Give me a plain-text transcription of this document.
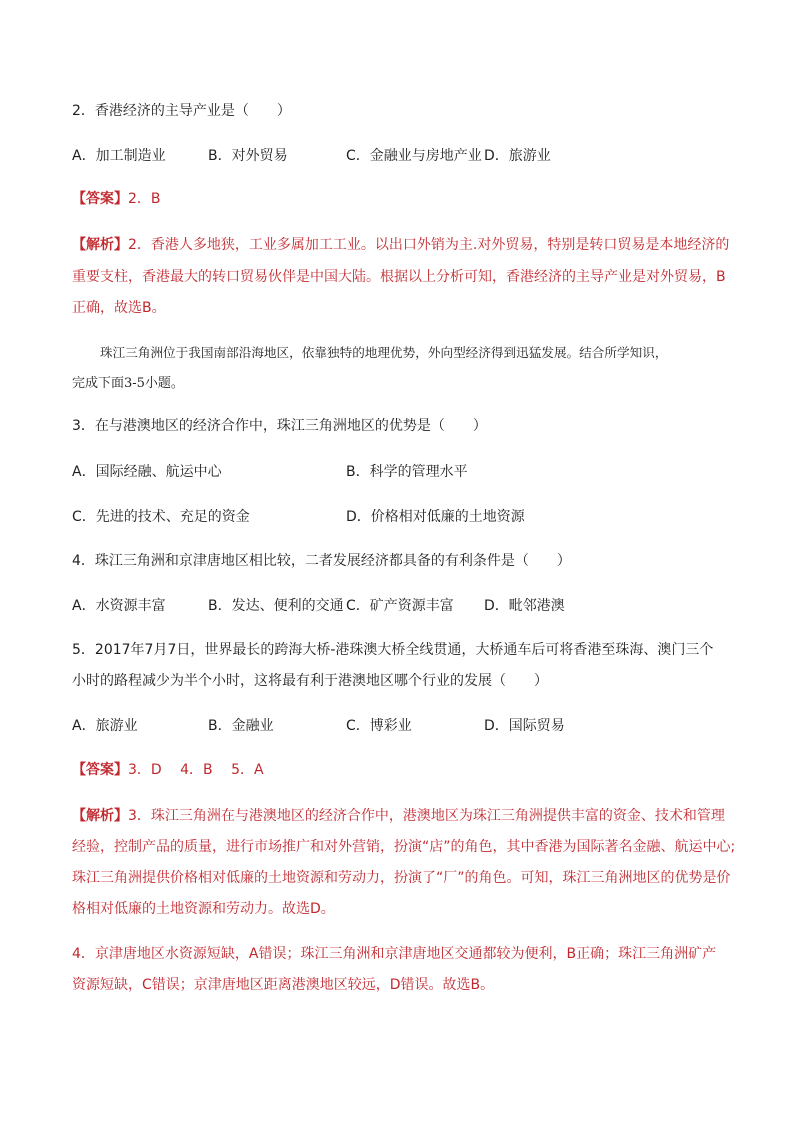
2．香港经济的主导产业是（　　）
A．加工制造业	B．对外贸易	C．金融业与房地产业 D．旅游业
【答案】2．B
【解析】2．香港人多地狭，工业多属加工工业。以出口外销为主.对外贸易，特别是转口贸易是本地经济的
重要支柱，香港最大的转口贸易伙伴是中国大陆。根据以上分析可知，香港经济的主导产业是对外贸易，B
正确，故选B。
珠江三角洲位于我国南部沿海地区，依靠独特的地理优势，外向型经济得到迅猛发展。结合所学知识，
完成下面3-5小题。
3．在与港澳地区的经济合作中，珠江三角洲地区的优势是（　　）
A．国际经融、航运中心	B．科学的管理水平
C．先进的技术、充足的资金	D．价格相对低廉的土地资源
4．珠江三角洲和京津唐地区相比较，二者发展经济都具备的有利条件是（　　）
A．水资源丰富	B．发达、便利的交通 C．矿产资源丰富 D．毗邻港澳
5．2017年7月7日，世界最长的跨海大桥-港珠澳大桥全线贯通，大桥通车后可将香港至珠海、澳门三个
小时的路程减少为半个小时，这将最有利于港澳地区哪个行业的发展（　　）
A．旅游业	B．金融业	C．博彩业	D．国际贸易
【答案】3．D　 4．B　 5．A
【解析】3．珠江三角洲在与港澳地区的经济合作中，港澳地区为珠江三角洲提供丰富的资金、技术和管理
经验，控制产品的质量，进行市场推广和对外营销，扮演“店”的角色，其中香港为国际著名金融、航运中心;
珠江三角洲提供价格相对低廉的土地资源和劳动力，扮演了“厂”的角色。可知，珠江三角洲地区的优势是价
格相对低廉的土地资源和劳动力。故选D。
4．京津唐地区水资源短缺，A错误；珠江三角洲和京津唐地区交通都较为便利，B正确；珠江三角洲矿产
资源短缺，C错误；京津唐地区距离港澳地区较远，D错误。故选B。
